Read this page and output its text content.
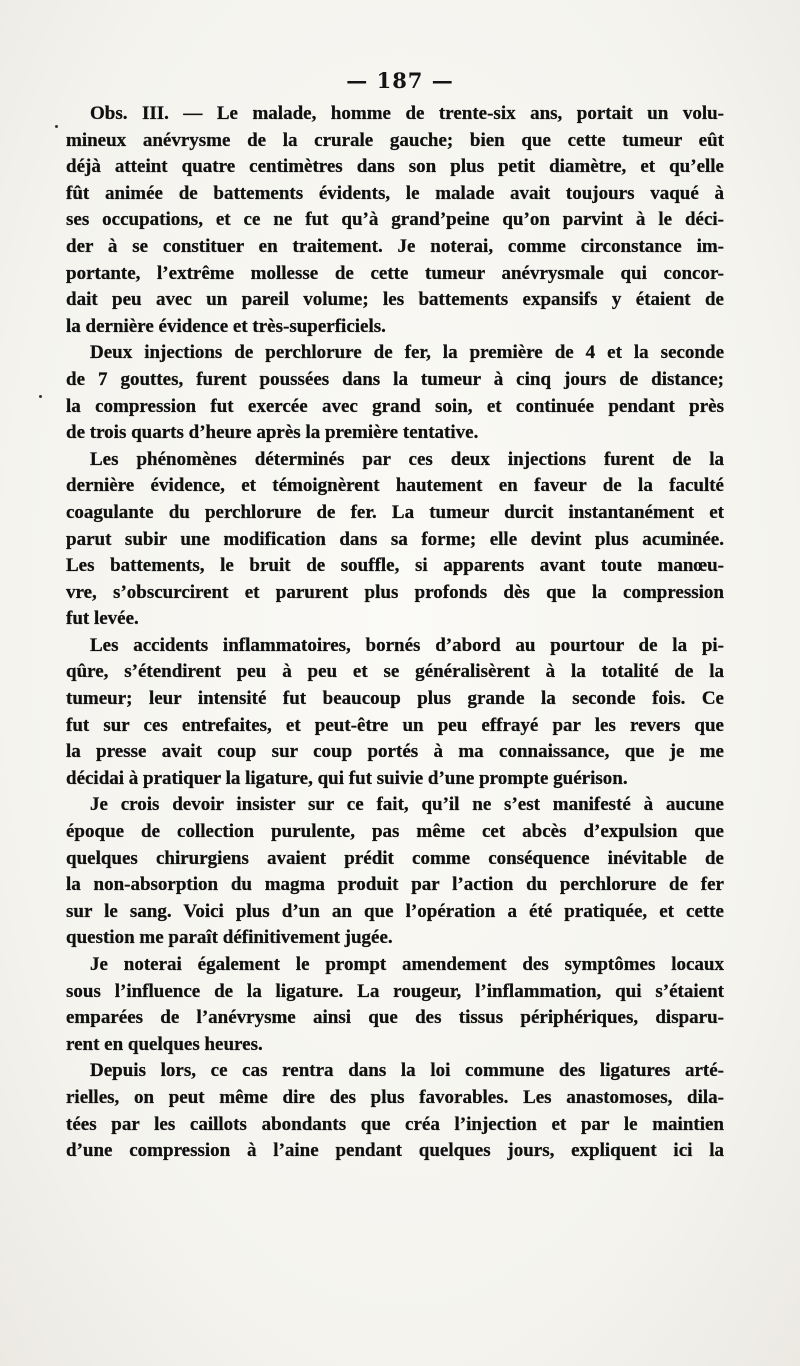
— 187 —
Obs. III. — Le malade, homme de trente-six ans, portait un volu-
mineux anévrysme de la crurale gauche; bien que cette tumeur eût
déjà atteint quatre centimètres dans son plus petit diamètre, et qu’elle
fût animée de battements évidents, le malade avait toujours vaqué à
ses occupations, et ce ne fut qu’à grand’peine qu’on parvint à le déci-
der à se constituer en traitement. Je noterai, comme circonstance im-
portante, l’extrême mollesse de cette tumeur anévrysmale qui concor-
dait peu avec un pareil volume; les battements expansifs y étaient de
la dernière évidence et très-superficiels.
Deux injections de perchlorure de fer, la première de 4 et la seconde
de 7 gouttes, furent poussées dans la tumeur à cinq jours de distance;
la compression fut exercée avec grand soin, et continuée pendant près
de trois quarts d’heure après la première tentative.
Les phénomènes déterminés par ces deux injections furent de la
dernière évidence, et témoignèrent hautement en faveur de la faculté
coagulante du perchlorure de fer. La tumeur durcit instantanément et
parut subir une modification dans sa forme; elle devint plus acuminée.
Les battements, le bruit de souffle, si apparents avant toute manœu-
vre, s’obscurcirent et parurent plus profonds dès que la compression
fut levée.
Les accidents inflammatoires, bornés d’abord au pourtour de la pi-
qûre, s’étendirent peu à peu et se généralisèrent à la totalité de la
tumeur; leur intensité fut beaucoup plus grande la seconde fois. Ce
fut sur ces entrefaites, et peut-être un peu effrayé par les revers que
la presse avait coup sur coup portés à ma connaissance, que je me
décidai à pratiquer la ligature, qui fut suivie d’une prompte guérison.
Je crois devoir insister sur ce fait, qu’il ne s’est manifesté à aucune
époque de collection purulente, pas même cet abcès d’expulsion que
quelques chirurgiens avaient prédit comme conséquence inévitable de
la non-absorption du magma produit par l’action du perchlorure de fer
sur le sang. Voici plus d’un an que l’opération a été pratiquée, et cette
question me paraît définitivement jugée.
Je noterai également le prompt amendement des symptômes locaux
sous l’influence de la ligature. La rougeur, l’inflammation, qui s’étaient
emparées de l’anévrysme ainsi que des tissus périphériques, disparu-
rent en quelques heures.
Depuis lors, ce cas rentra dans la loi commune des ligatures arté-
rielles, on peut même dire des plus favorables. Les anastomoses, dila-
tées par les caillots abondants que créa l’injection et par le maintien
d’une compression à l’aine pendant quelques jours, expliquent ici la
